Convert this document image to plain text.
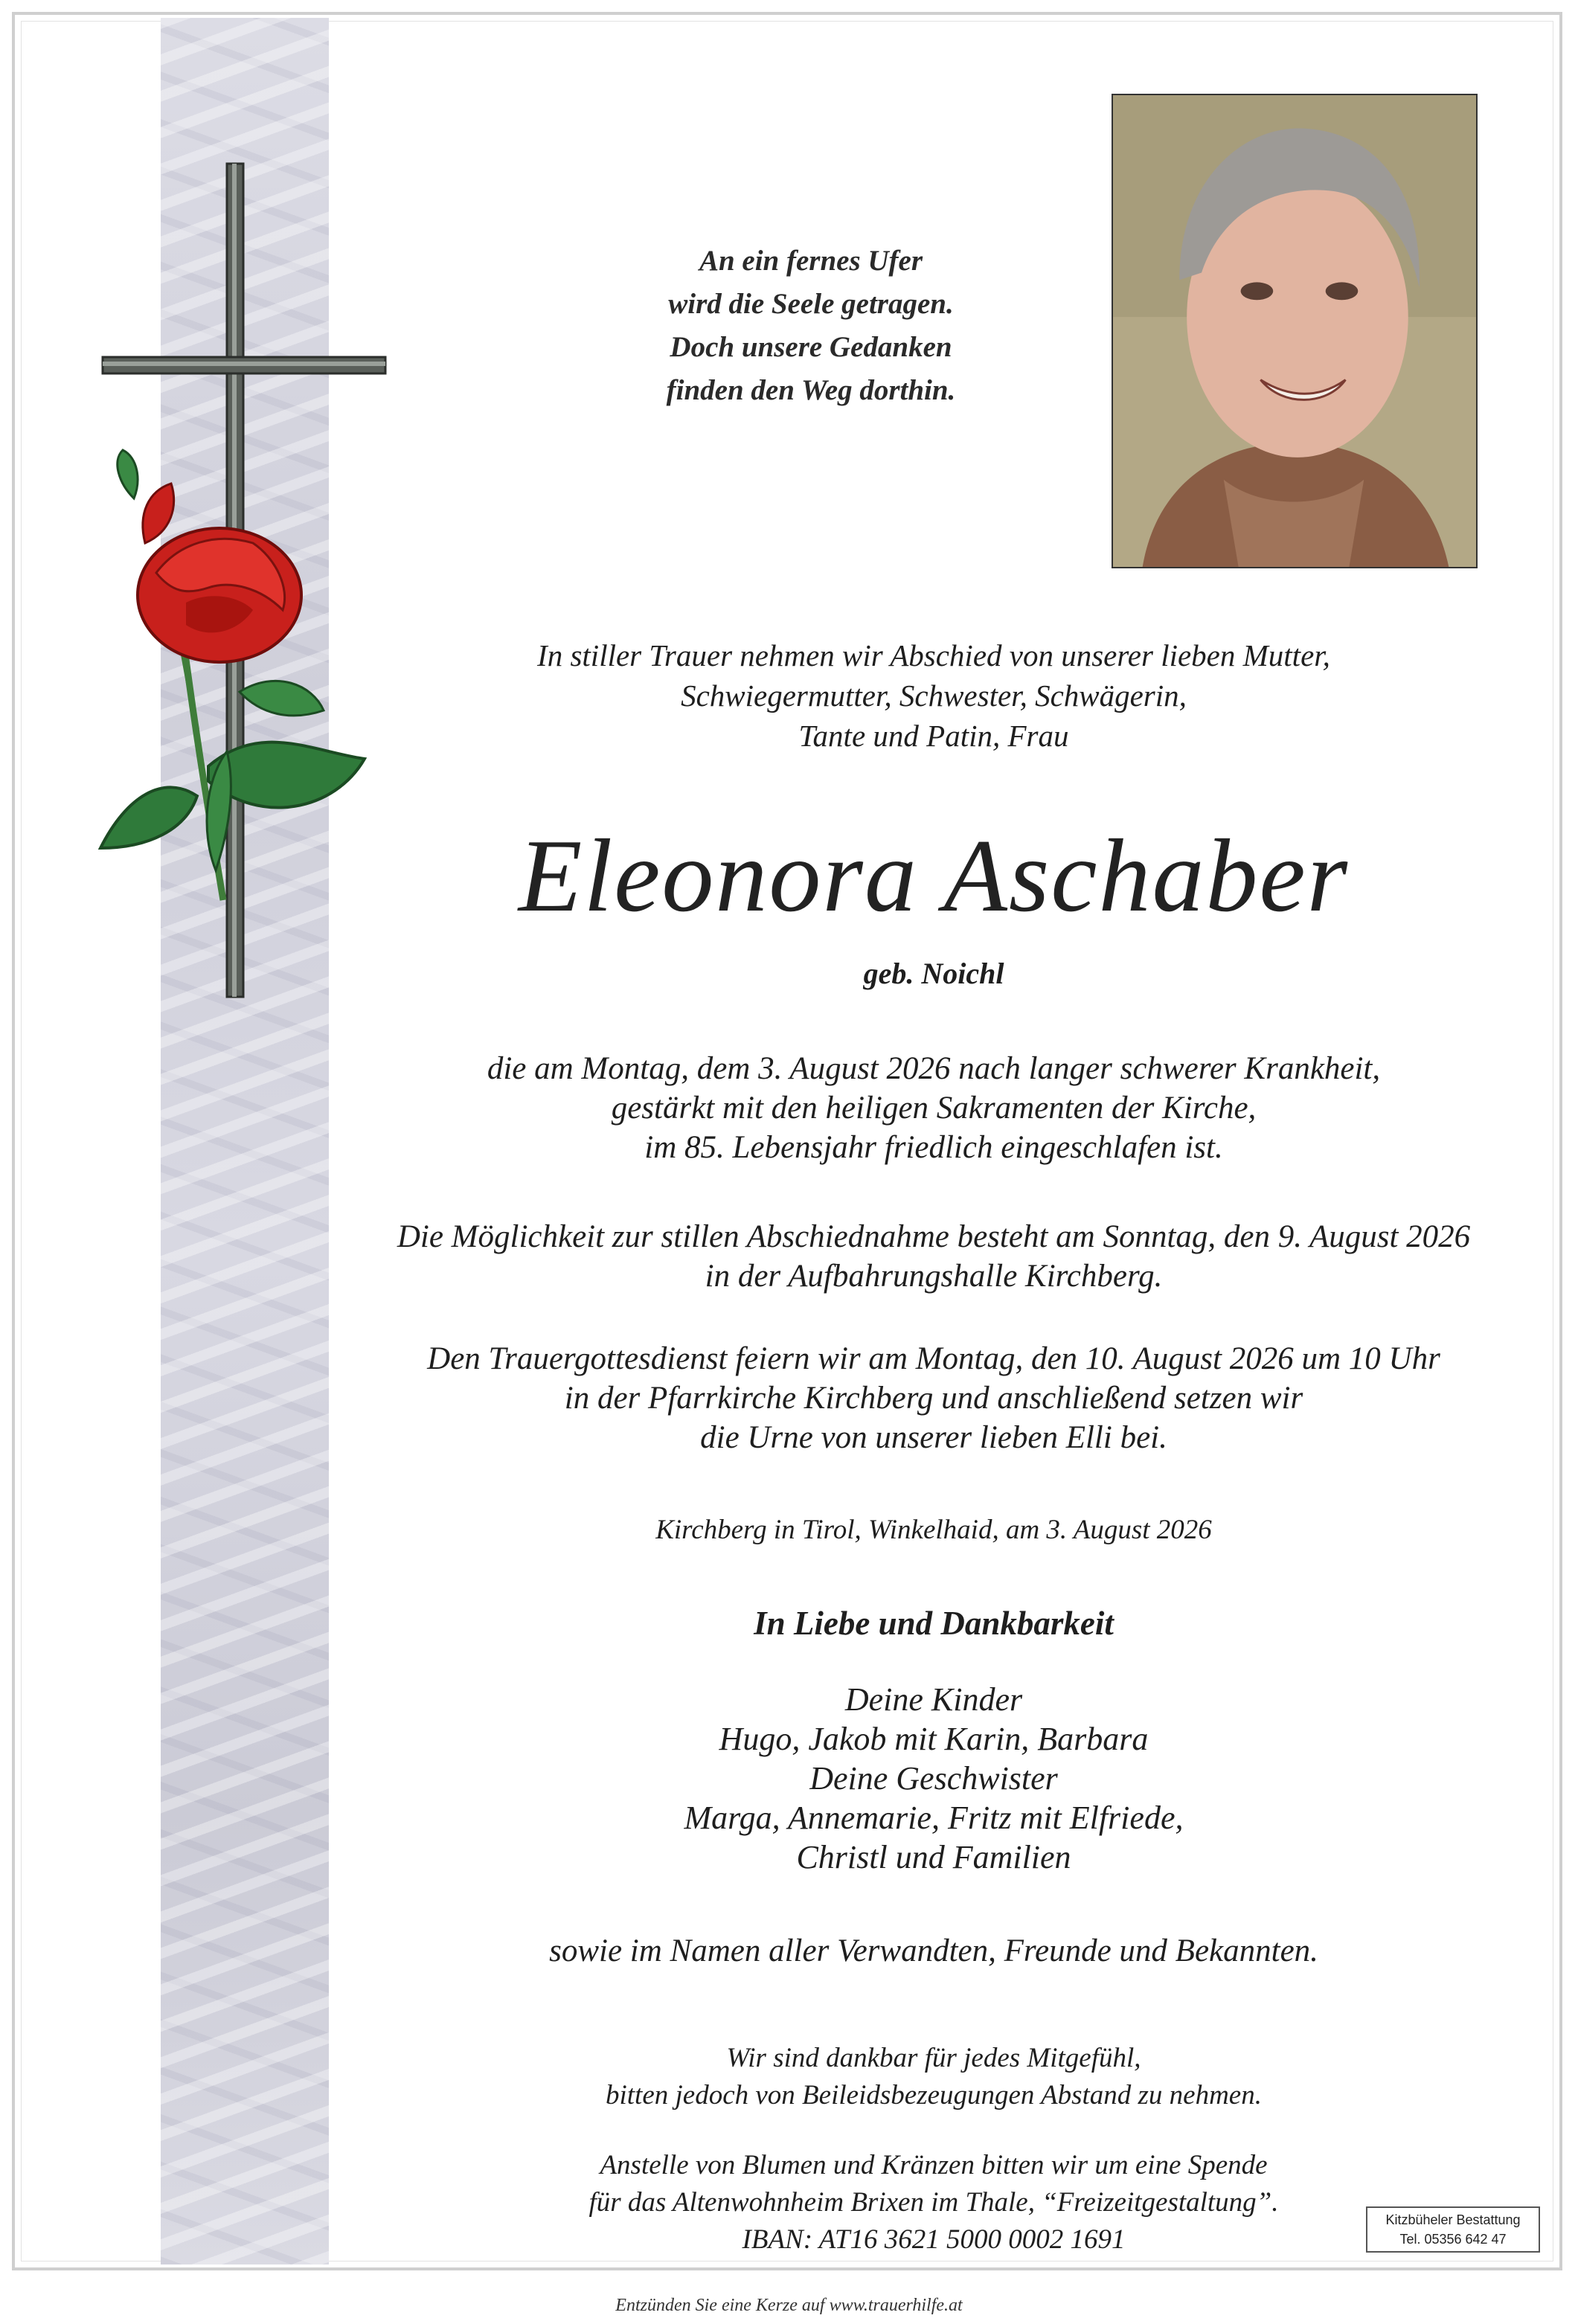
An ein fernes Ufer
wird die Seele getragen.
Doch unsere Gedanken
finden den Weg dorthin.
In stiller Trauer nehmen wir Abschied von unserer lieben Mutter,
Schwiegermutter, Schwester, Schwägerin,
Tante und Patin, Frau
Eleonora Aschaber
geb. Noichl
die am Montag, dem 3. August 2026 nach langer schwerer Krankheit,
gestärkt mit den heiligen Sakramenten der Kirche,
im 85. Lebensjahr friedlich eingeschlafen ist.
Die Möglichkeit zur stillen Abschiednahme besteht am Sonntag, den 9. August 2026
in der Aufbahrungshalle Kirchberg.
Den Trauergottesdienst feiern wir am Montag, den 10. August 2026 um 10 Uhr
in der Pfarrkirche Kirchberg und anschließend setzen wir
die Urne von unserer lieben Elli bei.
Kirchberg in Tirol, Winkelhaid, am 3. August 2026
In Liebe und Dankbarkeit
Deine Kinder
Hugo, Jakob mit Karin, Barbara
Deine Geschwister
Marga, Annemarie, Fritz mit Elfriede,
Christl und Familien
sowie im Namen aller Verwandten, Freunde und Bekannten.
Wir sind dankbar für jedes Mitgefühl,
bitten jedoch von Beileidsbezeugungen Abstand zu nehmen.
Anstelle von Blumen und Kränzen bitten wir um eine Spende
für das Altenwohnheim Brixen im Thale, “Freizeitgestaltung”.
IBAN: AT16 3621 5000 0002 1691
Kitzbüheler Bestattung
Tel. 05356 642 47
Entzünden Sie eine Kerze auf www.trauerhilfe.at
